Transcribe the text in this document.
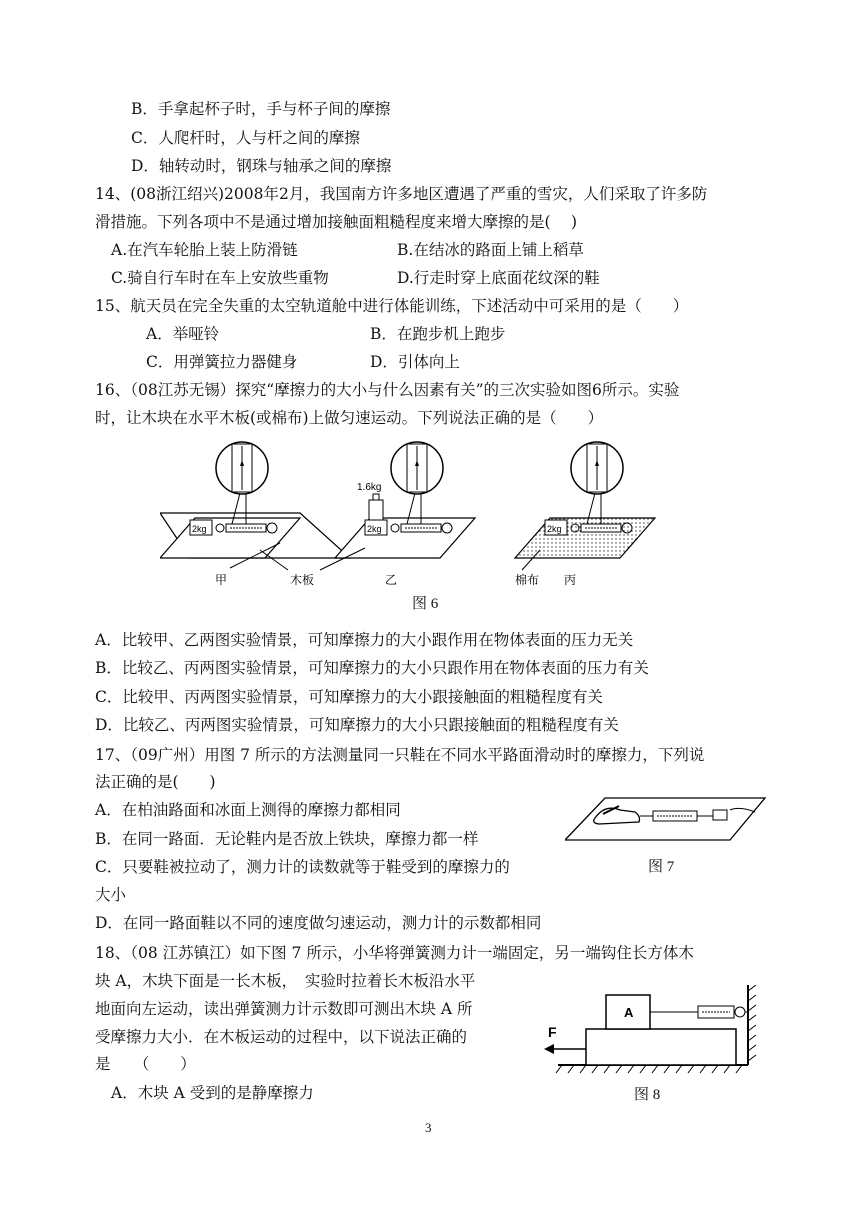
B．手拿起杯子时，手与杯子间的摩擦
C．人爬杆时，人与杆之间的摩擦
D．轴转动时，钢珠与轴承之间的摩擦
14、(08浙江绍兴)2008年2月，我国南方许多地区遭遇了严重的雪灾，人们采取了许多防
滑措施。下列各项中不是通过增加接触面粗糙程度来增大摩擦的是(　 )
A.在汽车轮胎上装上防滑链	B.在结冰的路面上铺上稻草
C.骑自行车时在车上安放些重物	D.行走时穿上底面花纹深的鞋
15、航天员在完全失重的太空轨道舱中进行体能训练，下述活动中可采用的是（　　）
A．举哑铃	B．在跑步机上跑步
C．用弹簧拉力器健身	D．引体向上
16、（08江苏无锡）探究“摩擦力的大小与什么因素有关”的三次实验如图6所示。实验
时，让木块在水平木板(或棉布)上做匀速运动。下列说法正确的是（　　）
2kg	2kg
1.6kg
2kg
甲	木板	乙	棉布 丙
图 6
A．比较甲、乙两图实验情景，可知摩擦力的大小跟作用在物体表面的压力无关
B．比较乙、丙两图实验情景，可知摩擦力的大小只跟作用在物体表面的压力有关
C．比较甲、丙两图实验情景，可知摩擦力的大小跟接触面的粗糙程度有关
D．比较乙、丙两图实验情景，可知摩擦力的大小只跟接触面的粗糙程度有关
17、（09广州）用图 7 所示的方法测量同一只鞋在不同水平路面滑动时的摩擦力，下列说
法正确的是(　　)
A．在柏油路面和冰面上测得的摩擦力都相同
B．在同一路面．无论鞋内是否放上铁块，摩擦力都一样
C．只要鞋被拉动了，测力计的读数就等于鞋受到的摩擦力的
大小
D．在同一路面鞋以不同的速度做匀速运动，测力计的示数都相同
图 7
18、（08 江苏镇江）如下图 7 所示，小华将弹簧测力计一端固定，另一端钩住长方体木
块 A，木块下面是一长木板，　实验时拉着长木板沿水平
地面向左运动，读出弹簧测力计示数即可测出木块 A 所
受摩擦力大小．在木板运动的过程中，以下说法正确的
是　　（　　）
A．木块 A 受到的是静摩擦力
A
F
图 8
3
